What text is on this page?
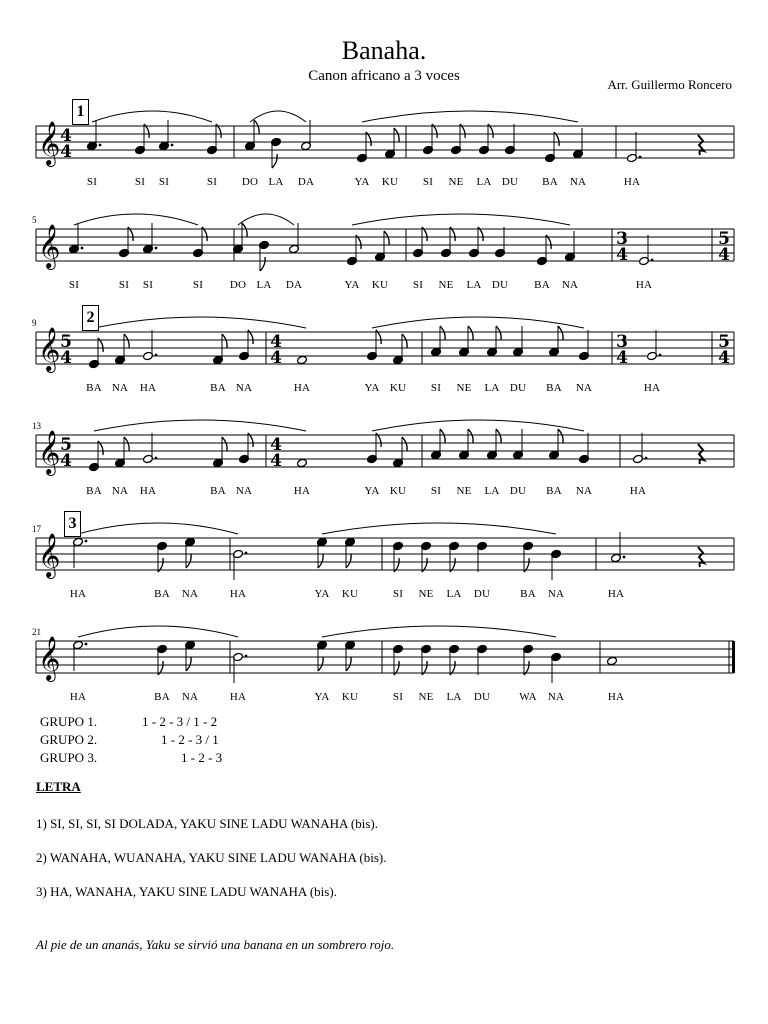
Banaha.
Canon africano a 3 voces
Arr. Guillermo Roncero
𝄞 4
4
𝄞	3
4
5
4
𝄞 5
4
4
4
3
4
5
4
𝄞 5
4
4
4
𝄞
𝄞
1
SI	SI SI	SI DO LA DA	YA KU SI NE LA DU BA NA	HA
5
SI	SI SI	SI DO LA DA	YA KU SI NE LA DU BA NA	HA
9	2
BA NA HA	BA NA	HA	YA KU SI NE LA DU BA NA	HA
13
BA NA HA	BA NA	HA	YA KU SI NE LA DU BA NA	HA
17 3
HA	BA NA	HA	YA KU	SI NE LA DU	BA NA	HA
21
HA	BA NA	HA	YA KU	SI NE LA DU	WA NA	HA
GRUPO 1.	1 - 2 - 3 / 1 - 2
GRUPO 2.	1 - 2 - 3 / 1
GRUPO 3.	1 - 2 - 3
LETRA
1) SI, SI, SI, SI DOLADA, YAKU SINE LADU WANAHA (bis).
2) WANAHA, WUANAHA, YAKU SINE LADU WANAHA (bis).
3) HA, WANAHA, YAKU SINE LADU WANAHA (bis).
Al pie de un ananás, Yaku se sirvió una banana en un sombrero rojo.
